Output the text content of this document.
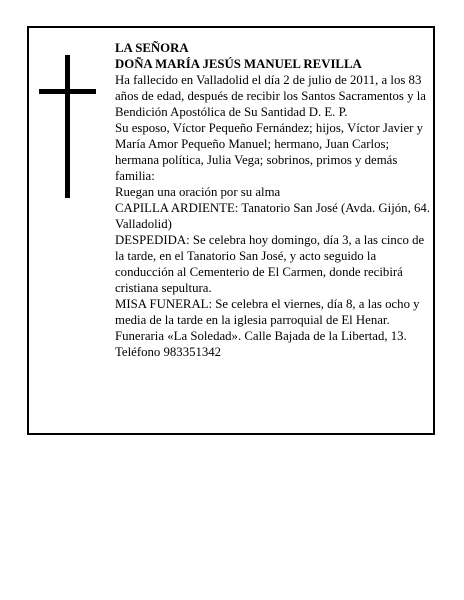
LA SEÑORA

DOÑA MARÍA JESÚS MANUEL REVILLA

Ha fallecido en Valladolid el día 2 de julio de 2011, a los 83 años de edad, después de recibir los Santos Sacramentos y la Bendición Apostólica de Su Santidad D. E. P.

Su esposo, Víctor Pequeño Fernández; hijos, Víctor Javier y María Amor Pequeño Manuel; hermano, Juan Carlos; hermana política, Julia Vega; sobrinos, primos y demás familia:

Ruegan una oración por su alma

CAPILLA ARDIENTE: Tanatorio San José (Avda. Gijón, 64. Valladolid)

DESPEDIDA: Se celebra hoy domingo, día 3, a las cinco de la tarde, en el Tanatorio San José, y acto seguido la conducción al Cementerio de El Carmen, donde recibirá cristiana sepultura.

MISA FUNERAL: Se celebra el viernes, día 8, a las ocho y media de la tarde en la iglesia parroquial de El Henar.

Funeraria «La Soledad». Calle Bajada de la Libertad, 13. Teléfono 983351342
